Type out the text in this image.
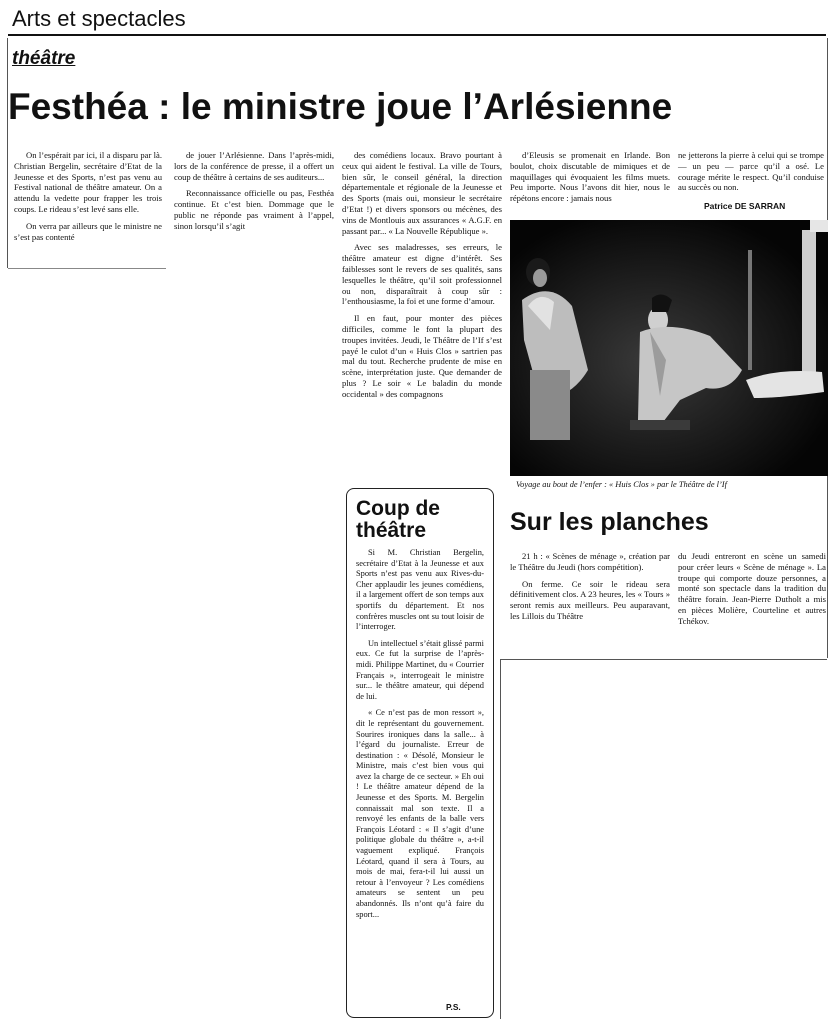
Arts et spectacles
théâtre
Festhéa : le ministre joue l’Arlésienne

On l’espérait par ici, il a disparu par là. Christian Bergelin, secrétaire d’Etat de la Jeunesse et des Sports, n’est pas venu au Festival national de théâtre amateur. On a attendu la vedette pour frapper les trois coups. Le rideau s’est levé sans elle.

On verra par ailleurs que le ministre ne s’est pas contenté

de jouer l’Arlésienne. Dans l’après-midi, lors de la conférence de presse, il a offert un coup de théâtre à certains de ses auditeurs...

Reconnaissance officielle ou pas, Festhéa continue. Et c’est bien. Dommage que le public ne réponde pas vraiment à l’appel, sinon lorsqu’il s’agit

des comédiens locaux. Bravo pourtant à ceux qui aident le festival. La ville de Tours, bien sûr, le conseil général, la direction départementale et régionale de la Jeunesse et des Sports (mais oui, monsieur le secrétaire d’Etat !) et divers sponsors ou mécènes, des vins de Montlouis aux assurances « A.G.F. en passant par... « La Nouvelle République ».

Avec ses maladresses, ses erreurs, le théâtre amateur est digne d’intérêt. Ses faiblesses sont le revers de ses qualités, sans lesquelles le théâtre, qu’il soit professionnel ou non, disparaîtrait à coup sûr : l’enthousiasme, la foi et une forme d’amour.

Il en faut, pour monter des pièces difficiles, comme le font la plupart des troupes invitées. Jeudi, le Théâtre de l’If s’est payé le culot d’un « Huis Clos » sartrien pas mal du tout. Recherche prudente de mise en scène, interprétation juste. Que demander de plus ? Le soir « Le baladin du monde occidental » des compagnons

d’Eleusis se promenait en Irlande. Bon boulot, choix discutable de mimiques et de maquillages qui évoquaient les films muets. Peu importe. Nous l’avons dit hier, nous le répétons encore : jamais nous

ne jetterons la pierre à celui qui se trompe — un peu — parce qu’il a osé. Le courage mérite le respect. Qu’il conduise au succès ou non.

Patrice DE SARRAN
Voyage au bout de l’enfer : « Huis Clos » par le Théâtre de l’If
Coup de théâtre

Si M. Christian Bergelin, secrétaire d’Etat à la Jeunesse et aux Sports n’est pas venu aux Rives-du-Cher applaudir les jeunes comédiens, il a largement offert de son temps aux sportifs du département. Et nos confrères muscles ont su tout loisir de l’interroger.

Un intellectuel s’était glissé parmi eux. Ce fut la surprise de l’après-midi. Philippe Martinet, du « Courrier Français », interrogeait le ministre sur... le théâtre amateur, qui dépend de lui.

« Ce n’est pas de mon ressort », dit le représentant du gouvernement. Sourires ironiques dans la salle... à l’égard du journaliste. Erreur de destination : « Désolé, Monsieur le Ministre, mais c’est bien vous qui avez la charge de ce secteur. » Eh oui ! Le théâtre amateur dépend de la Jeunesse et des Sports. M. Bergelin connaissait mal son texte. Il a renvoyé les enfants de la balle vers François Léotard : « Il s’agit d’une politique globale du théâtre », a-t-il vaguement expliqué. François Léotard, quand il sera à Tours, au mois de mai, fera-t-il lui aussi un retour à l’envoyeur ? Les comédiens amateurs se sentent un peu abandonnés. Ils n’ont qu’à faire du sport...

P.S.
Sur les planches

21 h : « Scènes de ménage », création par le Théâtre du Jeudi (hors compétition).

On ferme. Ce soir le rideau sera définitivement clos. A 23 heures, les « Tours » seront remis aux meilleurs. Peu auparavant, les Lillois du Théâtre

du Jeudi entreront en scène un samedi pour créer leurs « Scène de ménage ». La troupe qui comporte douze personnes, a monté son spectacle dans la tradition du théâtre forain. Jean-Pierre Dutholt a mis en pièces Molière, Courteline et autres Tchékov.
